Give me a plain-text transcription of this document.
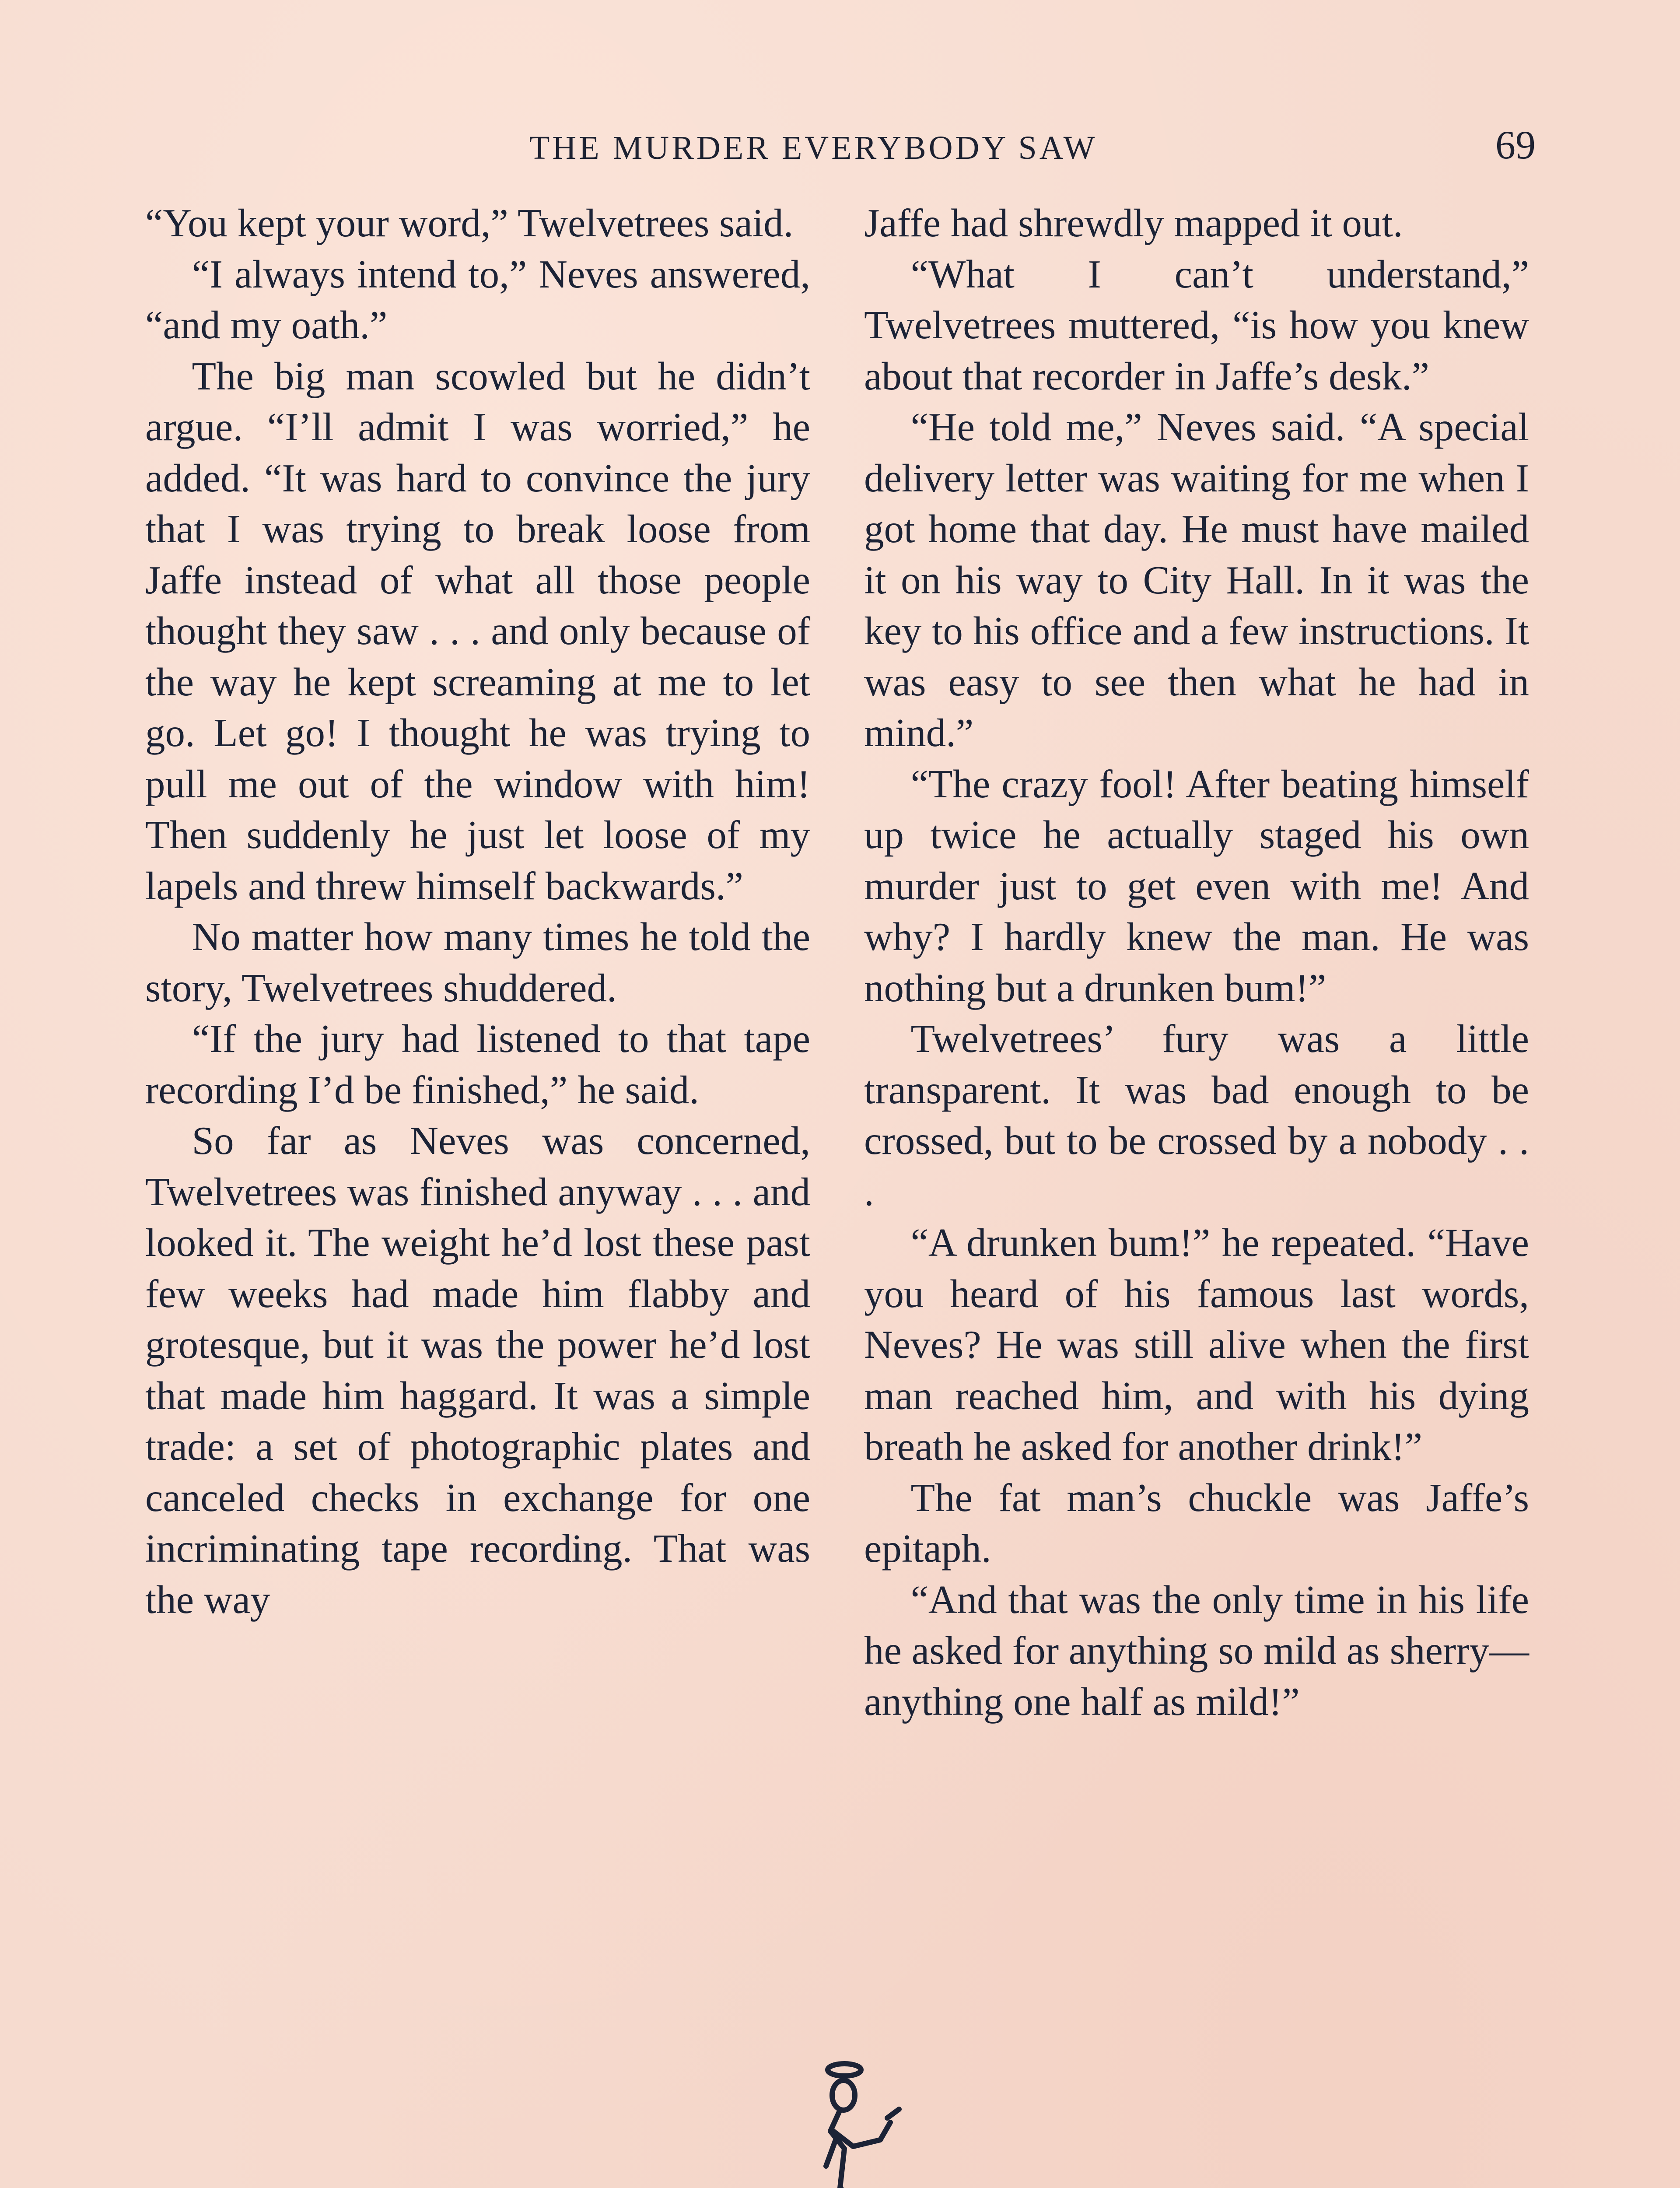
THE MURDER EVERYBODY SAW	69

“You kept your word,” Twelvetrees said.

“I always intend to,” Neves answered, “and my oath.”

The big man scowled but he didn’t argue. “I’ll admit I was worried,” he added. “It was hard to convince the jury that I was trying to break loose from Jaffe instead of what all those people thought they saw . . . and only because of the way he kept screaming at me to let go. Let go! I thought he was trying to pull me out of the window with him! Then suddenly he just let loose of my lapels and threw himself backwards.”

No matter how many times he told the story, Twelvetrees shuddered.

“If the jury had listened to that tape recording I’d be finished,” he said.

So far as Neves was concerned, Twelvetrees was finished anyway . . . and looked it. The weight he’d lost these past few weeks had made him flabby and grotesque, but it was the power he’d lost that made him haggard. It was a simple trade: a set of photographic plates and canceled checks in exchange for one incriminating tape recording. That was the way

Jaffe had shrewdly mapped it out.

“What I can’t understand,” Twelvetrees muttered, “is how you knew about that recorder in Jaffe’s desk.”

“He told me,” Neves said. “A special delivery letter was waiting for me when I got home that day. He must have mailed it on his way to City Hall. In it was the key to his office and a few instructions. It was easy to see then what he had in mind.”

“The crazy fool! After beating himself up twice he actually staged his own murder just to get even with me! And why? I hardly knew the man. He was nothing but a drunken bum!”

Twelvetrees’ fury was a little transparent. It was bad enough to be crossed, but to be crossed by a nobody . . .

“A drunken bum!” he repeated. “Have you heard of his famous last words, Neves? He was still alive when the first man reached him, and with his dying breath he asked for another drink!”

The fat man’s chuckle was Jaffe’s epitaph.

“And that was the only time in his life he asked for anything so mild as sherry—anything one half as mild!”
